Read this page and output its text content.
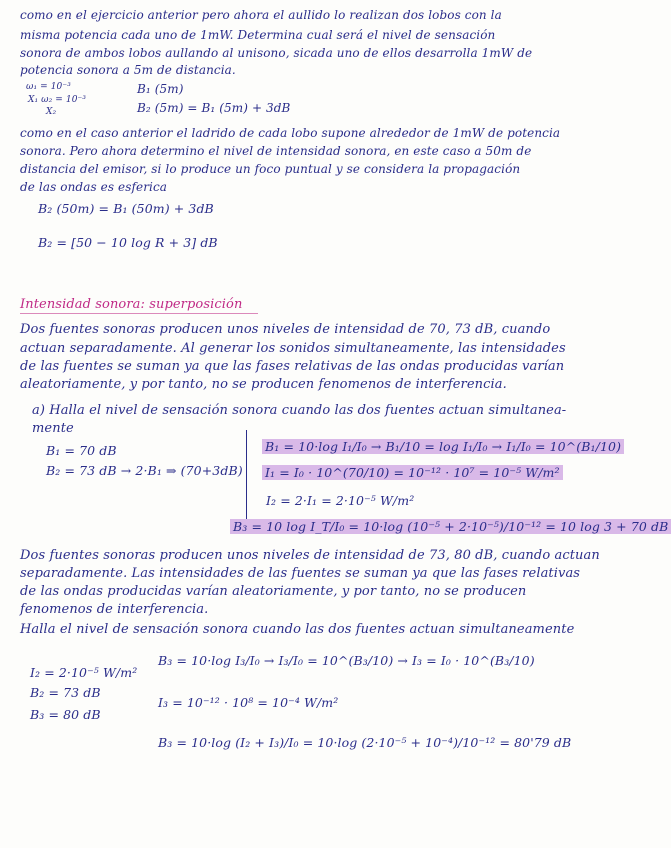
como en el ejercicio anterior pero ahora el aullido lo realizan dos lobos con la
misma potencia cada uno de 1mW. Determina cual será el nivel de sensación
sonora de ambos lobos aullando al unisono, sicada uno de ellos desarrolla 1mW de
potencia sonora a 5m de distancia.
ω₁ = 10⁻³
X₁ ω₂ = 10⁻³
X₂
B₁ (5m)
B₂ (5m) = B₁ (5m) + 3dB
como en el caso anterior el ladrido de cada lobo supone alrededor de 1mW de potencia
sonora. Pero ahora determino el nivel de intensidad sonora, en este caso a 50m de
distancia del emisor, si lo produce un foco puntual y se considera la propagación
de las ondas es esferica
B₂ (50m) = B₁ (50m) + 3dB
B₂ = [50 − 10 log R + 3] dB
Intensidad sonora: superposición
Dos fuentes sonoras producen unos niveles de intensidad de 70, 73 dB, cuando
actuan separadamente. Al generar los sonidos simultaneamente, las intensidades
de las fuentes se suman ya que las fases relativas de las ondas producidas varían
aleatoriamente, y por tanto, no se producen fenomenos de interferencia.
a) Halla el nivel de sensación sonora cuando las dos fuentes actuan simultanea-
mente
B₁ = 70 dB
B₂ = 73 dB → 2·B₁ ⇒ (70+3dB)
B₁ = 10·log I₁/I₀ → B₁/10 = log I₁/I₀ → I₁/I₀ = 10^(B₁/10)
I₁ = I₀ · 10^(70/10) = 10⁻¹² · 10⁷ = 10⁻⁵ W/m²
I₂ = 2·I₁ = 2·10⁻⁵ W/m²
B₃ = 10 log I_T/I₀ = 10·log (10⁻⁵ + 2·10⁻⁵)/10⁻¹² = 10 log 3 + 70 dB
Dos fuentes sonoras producen unos niveles de intensidad de 73, 80 dB, cuando actuan
separadamente. Las intensidades de las fuentes se suman ya que las fases relativas
de las ondas producidas varían aleatoriamente, y por tanto, no se producen
fenomenos de interferencia.
Halla el nivel de sensación sonora cuando las dos fuentes actuan simultaneamente
I₂ = 2·10⁻⁵ W/m²
B₂ = 73 dB
B₃ = 80 dB
B₃ = 10·log I₃/I₀ → I₃/I₀ = 10^(B₃/10) → I₃ = I₀ · 10^(B₃/10)
I₃ = 10⁻¹² · 10⁸ = 10⁻⁴ W/m²
B₃ = 10·log (I₂ + I₃)/I₀ = 10·log (2·10⁻⁵ + 10⁻⁴)/10⁻¹² = 80'79 dB
